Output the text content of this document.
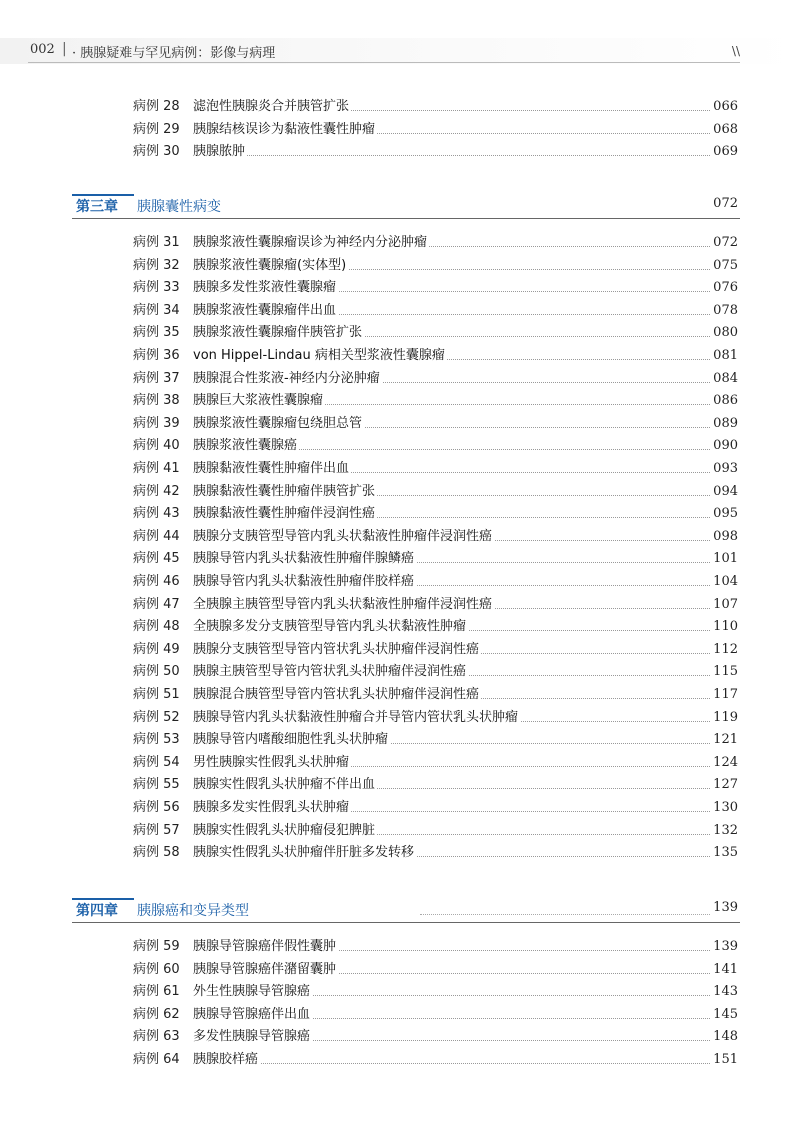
002 | · 胰腺疑难与罕见病例：影像与病理	\\
病例 28 滤泡性胰腺炎合并胰管扩张	066
病例 29 胰腺结核误诊为黏液性囊性肿瘤	068
病例 30 胰腺脓肿	069
第三章 胰腺囊性病变	072
病例 31 胰腺浆液性囊腺瘤误诊为神经内分泌肿瘤	072
病例 32 胰腺浆液性囊腺瘤(实体型)	075
病例 33 胰腺多发性浆液性囊腺瘤	076
病例 34 胰腺浆液性囊腺瘤伴出血	078
病例 35 胰腺浆液性囊腺瘤伴胰管扩张	080
病例 36 von Hippel-Lindau 病相关型浆液性囊腺瘤	081
病例 37 胰腺混合性浆液-神经内分泌肿瘤	084
病例 38 胰腺巨大浆液性囊腺瘤	086
病例 39 胰腺浆液性囊腺瘤包绕胆总管	089
病例 40 胰腺浆液性囊腺癌	090
病例 41 胰腺黏液性囊性肿瘤伴出血	093
病例 42 胰腺黏液性囊性肿瘤伴胰管扩张	094
病例 43 胰腺黏液性囊性肿瘤伴浸润性癌	095
病例 44 胰腺分支胰管型导管内乳头状黏液性肿瘤伴浸润性癌	098
病例 45 胰腺导管内乳头状黏液性肿瘤伴腺鳞癌	101
病例 46 胰腺导管内乳头状黏液性肿瘤伴胶样癌	104
病例 47 全胰腺主胰管型导管内乳头状黏液性肿瘤伴浸润性癌	107
病例 48 全胰腺多发分支胰管型导管内乳头状黏液性肿瘤	110
病例 49 胰腺分支胰管型导管内管状乳头状肿瘤伴浸润性癌	112
病例 50 胰腺主胰管型导管内管状乳头状肿瘤伴浸润性癌	115
病例 51 胰腺混合胰管型导管内管状乳头状肿瘤伴浸润性癌	117
病例 52 胰腺导管内乳头状黏液性肿瘤合并导管内管状乳头状肿瘤	119
病例 53 胰腺导管内嗜酸细胞性乳头状肿瘤	121
病例 54 男性胰腺实性假乳头状肿瘤	124
病例 55 胰腺实性假乳头状肿瘤不伴出血	127
病例 56 胰腺多发实性假乳头状肿瘤	130
病例 57 胰腺实性假乳头状肿瘤侵犯脾脏	132
病例 58 胰腺实性假乳头状肿瘤伴肝脏多发转移	135
第四章 胰腺癌和变异类型	139
病例 59 胰腺导管腺癌伴假性囊肿	139
病例 60 胰腺导管腺癌伴潴留囊肿	141
病例 61 外生性胰腺导管腺癌	143
病例 62 胰腺导管腺癌伴出血	145
病例 63 多发性胰腺导管腺癌	148
病例 64 胰腺胶样癌	151
